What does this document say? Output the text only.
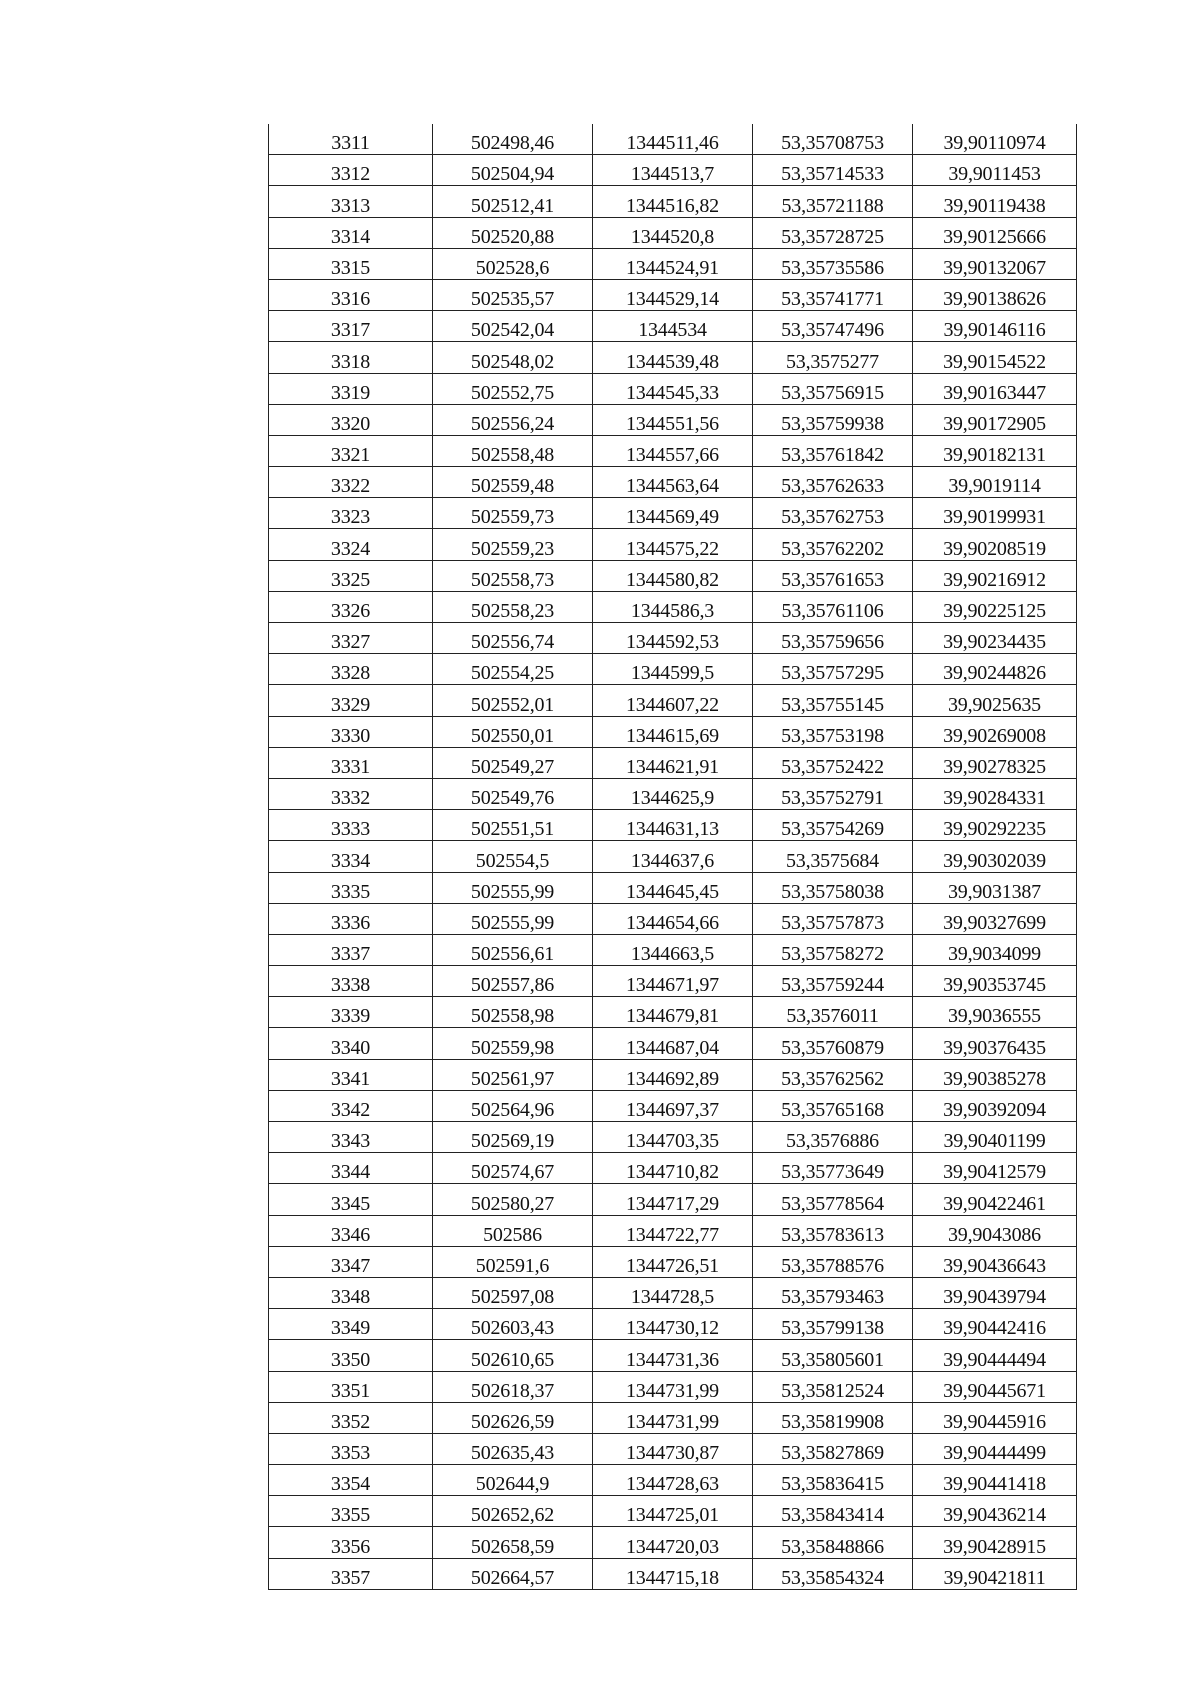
3311	502498,46	1344511,46	53,35708753	39,90110974
3312	502504,94	1344513,7	53,35714533	39,9011453
3313	502512,41	1344516,82	53,35721188	39,90119438
3314	502520,88	1344520,8	53,35728725	39,90125666
3315	502528,6	1344524,91	53,35735586	39,90132067
3316	502535,57	1344529,14	53,35741771	39,90138626
3317	502542,04	1344534	53,35747496	39,90146116
3318	502548,02	1344539,48	53,3575277	39,90154522
3319	502552,75	1344545,33	53,35756915	39,90163447
3320	502556,24	1344551,56	53,35759938	39,90172905
3321	502558,48	1344557,66	53,35761842	39,90182131
3322	502559,48	1344563,64	53,35762633	39,9019114
3323	502559,73	1344569,49	53,35762753	39,90199931
3324	502559,23	1344575,22	53,35762202	39,90208519
3325	502558,73	1344580,82	53,35761653	39,90216912
3326	502558,23	1344586,3	53,35761106	39,90225125
3327	502556,74	1344592,53	53,35759656	39,90234435
3328	502554,25	1344599,5	53,35757295	39,90244826
3329	502552,01	1344607,22	53,35755145	39,9025635
3330	502550,01	1344615,69	53,35753198	39,90269008
3331	502549,27	1344621,91	53,35752422	39,90278325
3332	502549,76	1344625,9	53,35752791	39,90284331
3333	502551,51	1344631,13	53,35754269	39,90292235
3334	502554,5	1344637,6	53,3575684	39,90302039
3335	502555,99	1344645,45	53,35758038	39,9031387
3336	502555,99	1344654,66	53,35757873	39,90327699
3337	502556,61	1344663,5	53,35758272	39,9034099
3338	502557,86	1344671,97	53,35759244	39,90353745
3339	502558,98	1344679,81	53,3576011	39,9036555
3340	502559,98	1344687,04	53,35760879	39,90376435
3341	502561,97	1344692,89	53,35762562	39,90385278
3342	502564,96	1344697,37	53,35765168	39,90392094
3343	502569,19	1344703,35	53,3576886	39,90401199
3344	502574,67	1344710,82	53,35773649	39,90412579
3345	502580,27	1344717,29	53,35778564	39,90422461
3346	502586	1344722,77	53,35783613	39,9043086
3347	502591,6	1344726,51	53,35788576	39,90436643
3348	502597,08	1344728,5	53,35793463	39,90439794
3349	502603,43	1344730,12	53,35799138	39,90442416
3350	502610,65	1344731,36	53,35805601	39,90444494
3351	502618,37	1344731,99	53,35812524	39,90445671
3352	502626,59	1344731,99	53,35819908	39,90445916
3353	502635,43	1344730,87	53,35827869	39,90444499
3354	502644,9	1344728,63	53,35836415	39,90441418
3355	502652,62	1344725,01	53,35843414	39,90436214
3356	502658,59	1344720,03	53,35848866	39,90428915
3357	502664,57	1344715,18	53,35854324	39,90421811
